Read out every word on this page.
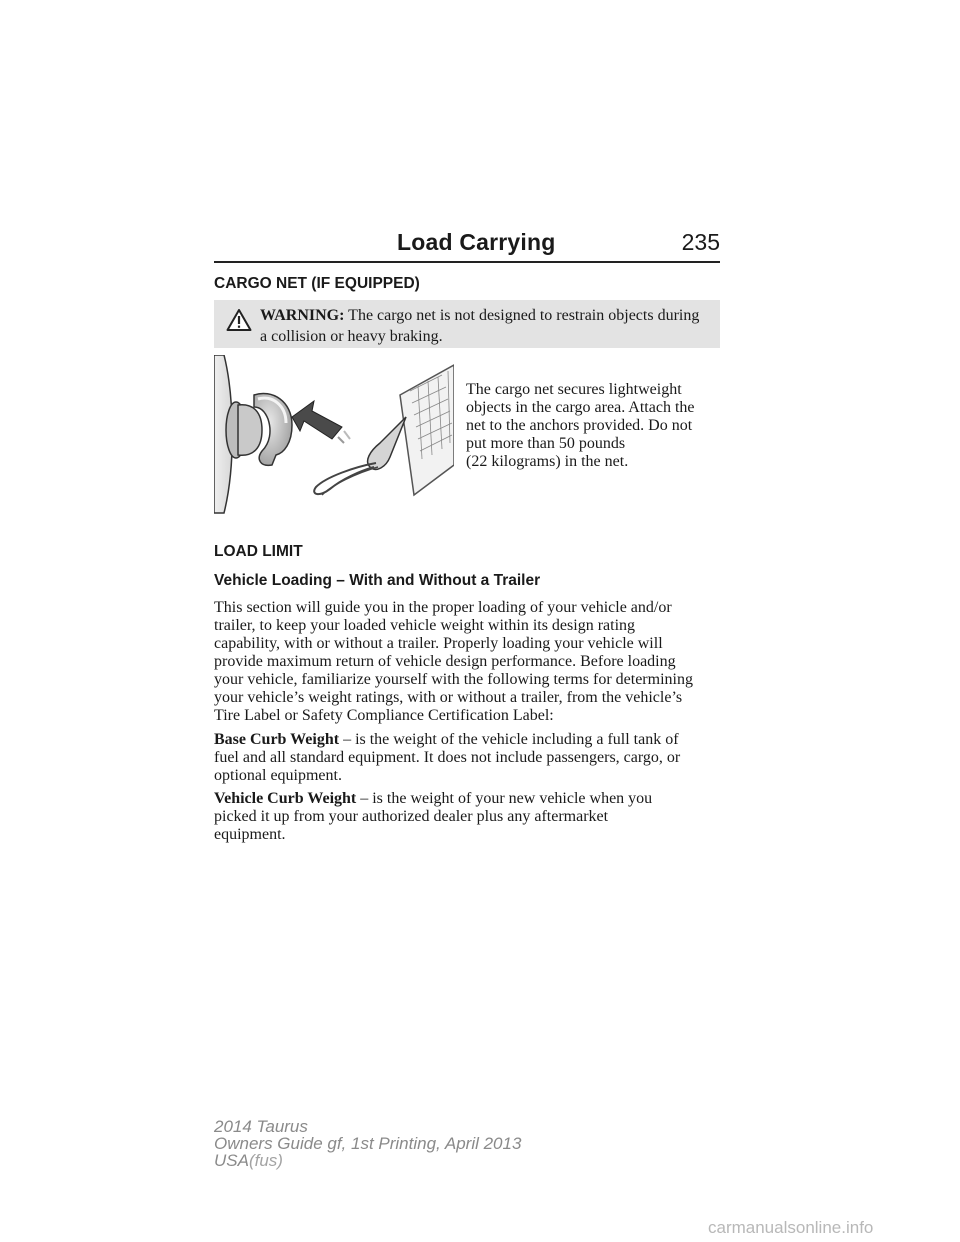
Load Carrying	235
CARGO NET (IF EQUIPPED)
WARNING: The cargo net is not designed to restrain objects during a collision or heavy braking.

The cargo net secures lightweight
objects in the cargo area. Attach the
net to the anchors provided. Do not
put more than 50 pounds
(22 kilograms) in the net.

LOAD LIMIT
Vehicle Loading – With and Without a Trailer

This section will guide you in the proper loading of your vehicle and/or
trailer, to keep your loaded vehicle weight within its design rating
capability, with or without a trailer. Properly loading your vehicle will
provide maximum return of vehicle design performance. Before loading
your vehicle, familiarize yourself with the following terms for determining
your vehicle’s weight ratings, with or without a trailer, from the vehicle’s
Tire Label or Safety Compliance Certification Label:

Base Curb Weight – is the weight of the vehicle including a full tank of
fuel and all standard equipment. It does not include passengers, cargo, or
optional equipment.

Vehicle Curb Weight – is the weight of your new vehicle when you
picked it up from your authorized dealer plus any aftermarket
equipment.

2014 Taurus
Owners Guide gf, 1st Printing, April 2013
USA(fus)
carmanualsonline.info
